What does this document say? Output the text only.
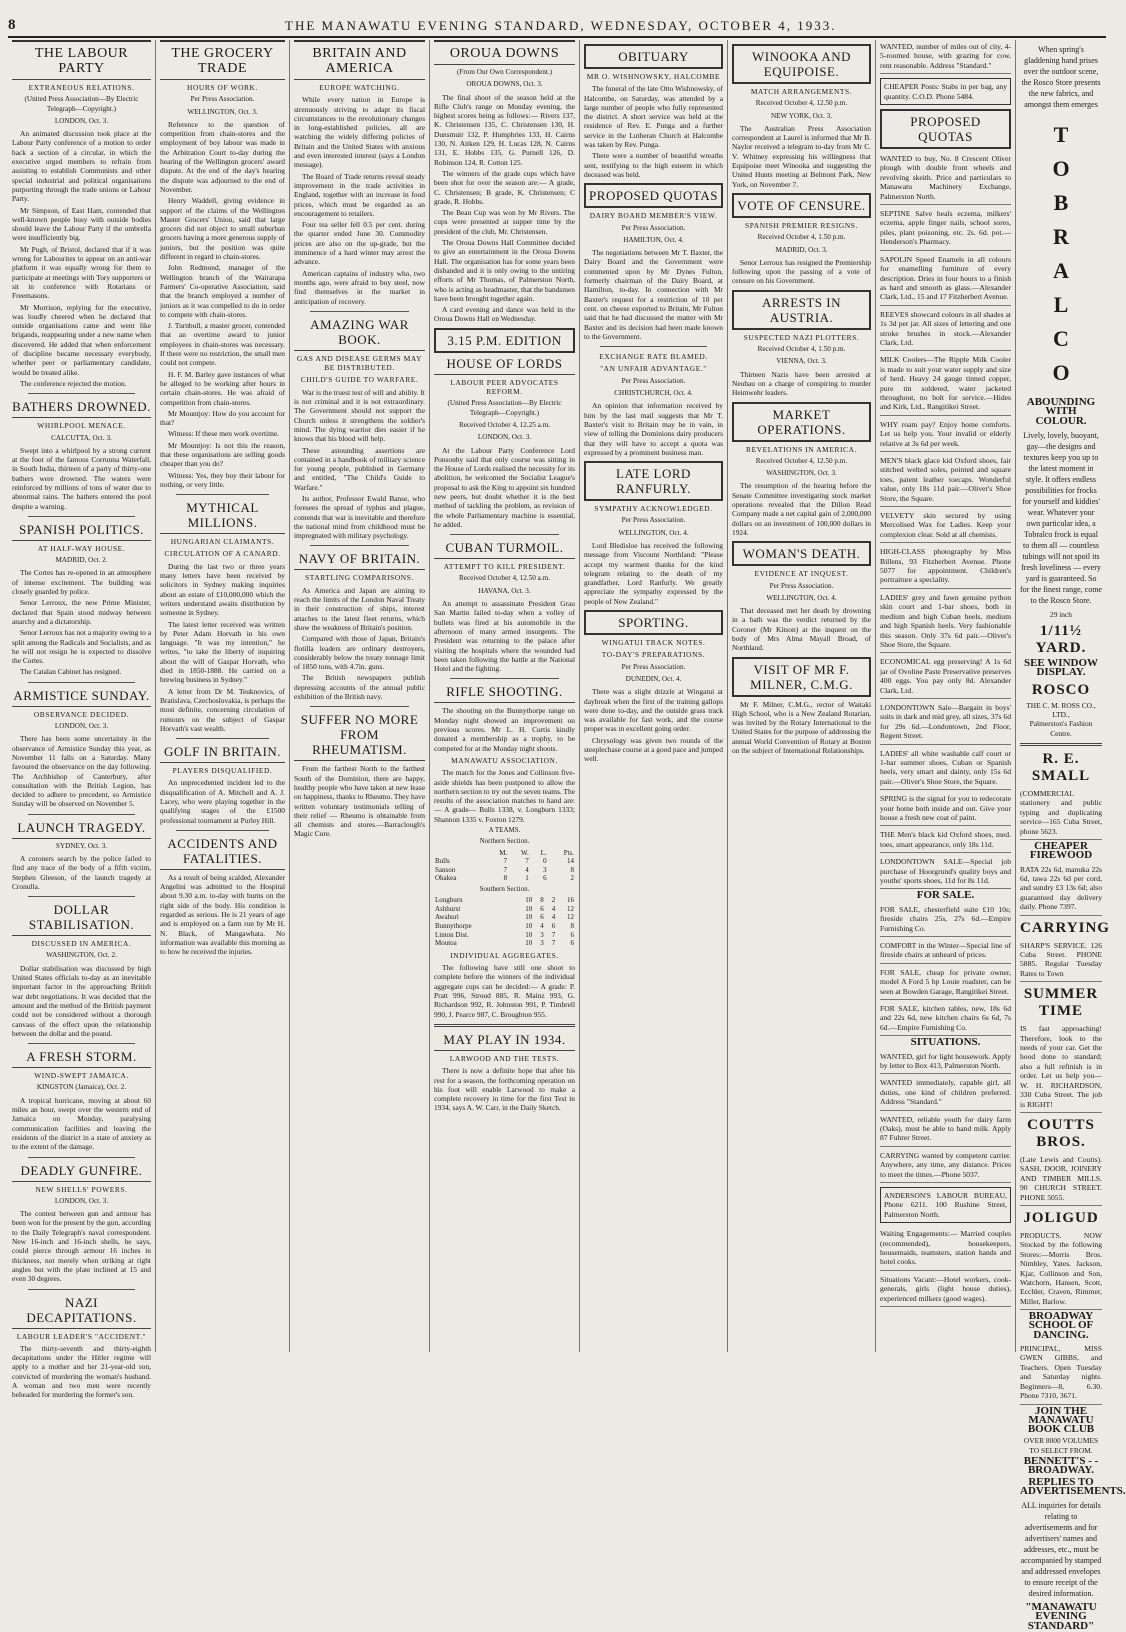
8	THE MANAWATU EVENING STANDARD, WEDNESDAY, OCTOBER 4, 1933.
THE LABOUR PARTY
EXTRANEOUS RELATIONS.
(United Press Association—By Electric Telegraph—Copyright.)
LONDON, Oct. 3.

An animated discussion took place at the Labour Party conference of a motion to order back a section of a circular, in which the executive urged members to refrain from assisting to establish Communists and other special industrial and political organisations purporting through the trade unions or Labour Party.

Mr Simpson, of East Ham, contended that well-known people busy with outside bodies should leave the Labour Party if the umbrella were insufficiently big.

Mr Pugh, of Bristol, declared that if it was wrong for Labourites to appear on an anti-war platform it was equally wrong for them to participate at meetings with Tory supporters or sit in conference with Rotarians or Freemasons.

Mr Morrison, replying for the executive, was loudly cheered when he declared that outside organisations came and went like brigands, reappearing under a new name when discovered. He added that when enforcement of discipline became necessary everybody, whether peer or parliamentary candidate, would be treated alike.

The conference rejected the motion.

BATHERS DROWNED.
WHIRLPOOL MENACE.
CALCUTTA, Oct. 3.

Swept into a whirlpool by a strong current at the foot of the famous Corrunna Waterfall, in South India, thirteen of a party of thirty-one bathers were drowned. The waters were reinforced by millions of tons of water due to abnormal rains. The bathers entered the pool despite a warning.

SPANISH POLITICS.
AT HALF-WAY HOUSE.
MADRID, Oct. 2.

The Cortes has re-opened in an atmosphere of intense excitement. The building was closely guarded by police.

Senor Lerroux, the new Prime Minister, declared that Spain stood midway between anarchy and a dictatorship.

Senor Lerroux has not a majority owing to a split among the Radicals and Socialists, and as he will not resign he is expected to dissolve the Cortes.

The Catalan Cabinet has resigned.

ARMISTICE SUNDAY.
OBSERVANCE DECIDED.
LONDON, Oct. 3.

There has been some uncertainty in the observance of Armistice Sunday this year, as November 11 falls on a Saturday. Many favoured the observance on the day following. The Archbishop of Canterbury, after consultation with the British Legion, has decided to adhere to precedent, so Armistice Sunday will be observed on November 5.

LAUNCH TRAGEDY.
SYDNEY, Oct. 3.

A coroners search by the police failed to find any trace of the body of a fifth victim, Stephen Gleeson, of the launch tragedy at Cronulla.

DOLLAR STABILISATION.
DISCUSSED IN AMERICA.
WASHINGTON, Oct. 2.

Dollar stabilisation was discussed by high United States officials to-day as an inevitable important factor in the approaching British war debt negotiations. It was decided that the amount and the method of the British payment could not be considered without a thorough canvass of the effect upon the relationship between the dollar and the pound.

A FRESH STORM.
WIND-SWEPT JAMAICA.
KINGSTON (Jamaica), Oct. 2.

A tropical hurricane, moving at about 60 miles an hour, swept over the western end of Jamaica on Monday, paralysing communication facilities and leaving the residents of the district in a state of anxiety as to the extent of the damage.

DEADLY GUNFIRE.
NEW SHELLS' POWERS.
LONDON, Oct. 3.

The contest between gun and armour has been won for the present by the gun, according to the Daily Telegraph's naval correspondent. New 16-inch and 16-inch shells, he says, could pierce through armour 16 inches in thickness, not merely when striking at right angles but with the plate inclined at 15 and even 30 degrees.

NAZI DECAPITATIONS.
LABOUR LEADER'S "ACCIDENT."

The thirty-seventh and thirty-eighth decapitations under the Hitler regime will apply to a mother and her 21-year-old son, convicted of murdering the woman's husband. A woman and two men were recently beheaded for murdering the former's son.

THE GROCERY TRADE
HOURS OF WORK.
Per Press Association.
WELLINGTON, Oct. 3.

Reference to the question of competition from chain-stores and the employment of boy labour was made in the Arbitration Court to-day during the hearing of the Wellington grocers' award dispute. At the end of the day's hearing the dispute was adjourned to the end of November.

Henry Waddell, giving evidence in support of the claims of the Wellington Master Grocers' Union, said that large grocers did not object to small suburban grocers having a more generous supply of juniors, but the position was quite different in regard to chain-stores.

John Redmond, manager of the Wellington branch of the Wairarapa Farmers' Co-operative Association, said that the branch employed a number of juniors as it was compelled to do in order to compete with chain-stores.

J. Turnbull, a master grocer, contended that an overtime award to junior employees in chain-stores was necessary. If there were no restriction, the small men could not compete.

H. F. M. Barley gave instances of what he alleged to be working after hours in certain chain-stores. He was afraid of competition from chain-stores.

Mr Mountjoy: How do you account for that?

Witness: If these men work overtime.

Mr Mountjoy: Is not this the reason, that these organisations are selling goods cheaper than you do?

Witness: Yes, they buy their labour for nothing, or very little.

MYTHICAL MILLIONS.
HUNGARIAN CLAIMANTS.
CIRCULATION OF A CANARD.

During the last two or three years many letters have been received by solicitors in Sydney making inquiries about an estate of £10,000,000 which the writers understand awaits distribution by someone in Sydney.

The latest letter received was written by Peter Adam Horvath in his own language. "It was my intention," he writes, "to take the liberty of inquiring about the will of Gaspar Horvath, who died in 1850-1888. He carried on a brewing business in Sydney."

A letter from Dr M. Teuknovics, of Bratislava, Czechoslovakia, is perhaps the most definite, concerning circulation of rumours on the subject of Gaspar Horvath's vast wealth.

GOLF IN BRITAIN.
PLAYERS DISQUALIFIED.

An unprecedented incident led to the disqualification of A. Mitchell and A. J. Lacey, who were playing together in the qualifying stages of the £1500 professional tournament at Purley Hill.

ACCIDENTS AND FATALITIES.

As a result of being scalded, Alexander Angelini was admitted to the Hospital about 9.30 a.m. to-day with burns on the right side of the body. His condition is regarded as serious. He is 21 years of age and is employed on a farm run by Mr H. N. Black, of Mangawhata. No information was available this morning as to how he received the injuries.

BRITAIN AND AMERICA
EUROPE WATCHING.

While every nation in Europe is strenuously striving to adapt its fiscal circumstances to the revolutionary changes in long-established policies, all are watching the widely differing policies of Britain and the United States with anxious and even interested interest (says a London message).

The Board of Trade returns reveal steady improvement in the trade activities in England, together with an increase in food prices, which must be regarded as an encouragement to retailers.

Four tea seller fell 0.5 per cent. during the quarter ended June 30. Commodity prices are also on the up-grade, but the imminence of a hard winter may arrest the advance.

American captains of industry who, two months ago, were afraid to buy steel, now find themselves in the market in anticipation of recovery.

AMAZING WAR BOOK.
GAS AND DISEASE GERMS MAY BE DISTRIBUTED.
CHILD'S GUIDE TO WARFARE.

War is the truest test of will and ability. It is not criminal and it is not extraordinary. The Government should not support the Church unless it strengthens the soldier's mind. The dying warrior dies easier if he knows that his blood will help.

These astounding assertions are contained in a handbook of military science for young people, published in Germany and entitled, "The Child's Guide to Warfare."

Its author, Professor Ewald Banse, who foresees the spread of typhus and plague, contends that war is inevitable and therefore the national mind from childhood must be impregnated with military psychology.

NAVY OF BRITAIN.
STARTLING COMPARISONS.

As America and Japan are aiming to reach the limits of the London Naval Treaty in their construction of ships, interest attaches to the latest fleet returns, which show the weakness of Britain's position.

Compared with those of Japan, Britain's flotilla leaders are ordinary destroyers, considerably below the treaty tonnage limit of 1850 tons, with 4.7in. guns.

The British newspapers publish depressing accounts of the annual public exhibition of the British navy.

SUFFER NO MORE FROM RHEUMATISM.

From the farthest North to the farthest South of the Dominion, there are happy, healthy people who have taken at new lease on happiness, thanks to Rheumo. They have written voluntary testimonials telling of their relief — Rheumo is obtainable from all chemists and stores.—Barraclough's Magic Cure.

OROUA DOWNS
(From Our Own Correspondent.)
OROUA DOWNS, Oct. 3.

The final shoot of the season held at the Rifle Club's range on Monday evening, the highest scores being as follows:— Rivers 137, K. Christensen 135, C. Christensen 130, H. Dunsmuir 132, P. Humphries 133, H. Cairns 130, N. Aitken 129, H. Lucas 128, N. Cairns 131, E. Hobbs 135, G. Purnell 126, D. Robinson 124, R. Cotton 125.

The winners of the grade cups which have been shot for over the season are:— A grade, C. Christensen; B grade, K. Christensen; C grade, R. Hobbs.

The Bean Cup was won by Mr Rivers. The cups were presented at supper time by the president of the club, Mr. Christensen.

The Oroua Downs Hall Committee decided to give an entertainment in the Oroua Downs Hall. The organisation has for some years been disbanded and it is only owing to the untiring efforts of Mr Thomas, of Palmerston North, who is acting as headmaster, that the bandsmen have been brought together again.

A card evening and dance was held in the Oroua Downs Hall on Wednesday.

3.15 P.M. EDITION
HOUSE OF LORDS
LABOUR PEER ADVOCATES REFORM.
(United Press Association—By Electric Telegraph—Copyright.)
Received October 4, 12.25 a.m.
LONDON, Oct. 3.

At the Labour Party Conference Lord Ponsonby said that only course was sitting in the House of Lords realised the necessity for its abolition, he welcomed the Socialist League's proposal to ask the King to appoint six hundred new peers, but doubt whether it is the best method of tackling the problem, as revision of the whole Parliamentary machine is essential, he added.

CUBAN TURMOIL.
ATTEMPT TO KILL PRESIDENT.
Received October 4, 12.50 a.m.
HAVANA, Oct. 3.

An attempt to assassinate President Grau San Martin failed to-day when a volley of bullets was fired at his automobile in the afternoon of many armed insurgents. The President was returning to the palace after visiting the hospitals where the wounded had been taken following the battle at the National Hotel and the fighting.

RIFLE SHOOTING.

The shooting on the Bunnythorpe range on Monday night showed an improvement on previous scores. Mr L. H. Curtis kindly donated a membership as a trophy, to be competed for at the Monday night shoots.

MANAWATU ASSOCIATION.

The match for the Jones and Collinson five-aside shields has been postponed to allow the northern section to try out the seven teams. The results of the association matches to hand are:— A grade— Bulls 1338, v. Longburn 1333; Shannon 1335 v. Foxton 1279.

A TEAMS.
Northern Section.
	M.	W.	L.	Pts.
Bulls	7	7	0	14
Sanson	7	4	3	8
Ohakea	8	1	6	2
Southern Section.
Longburn	10	8	2	16
Ashhurst	10	6	4	12
Awahuri	10	6	4	12
Bunnythorpe	10	4	6	8
Linton Dist.	10	3	7	6
Moutoa	10	3	7	6
INDIVIDUAL AGGREGATES.

The following have still one shoot to complete before the winners of the individual aggregate cups can be decided:— A grade: P. Pratt 996, Stroud 885, R. Mainz 993, G. Richardson 992, R. Johnston 991, P. Timbrell 990, J. Pearce 987, C. Broughton 955.

MAY PLAY IN 1934.
LARWOOD AND THE TESTS.

There is now a definite hope that after his rest for a season, the forthcoming operation on his foot will enable Larwood to make a complete recovery in time for the first Test in 1934, says A. W. Carr, in the Daily Sketch.

OBITUARY
MR O. WISHNOWSKY, HALCOMBE

The funeral of the late Otto Wishnowsky, of Halcombe, on Saturday, was attended by a large number of people who fully represented the district. A short service was held at the residence of Rev. E. Punga and a further service in the Lutheran Church at Halcombe was taken by Rev. Punga.

There were a number of beautiful wreaths sent, testifying to the high esteem in which deceased was held.

PROPOSED QUOTAS
DAIRY BOARD MEMBER'S VIEW.
Per Press Association.
HAMILTON, Oct. 4.

The negotiations between Mr T. Baxter, the Dairy Board and the Government were commented upon by Mr Dynes Fulton, formerly chairman of the Dairy Board, at Hamilton, to-day. In connection with Mr Baxter's request for a restriction of 10 per cent. on cheese exported to Britain, Mr Fulton said that he had discussed the matter with Mr Baxter and its decision had been made known to the Government.

EXCHANGE RATE BLAMED.
"AN UNFAIR ADVANTAGE."
Per Press Association.
CHRISTCHURCH, Oct. 4.

An opinion that information received by him by the last mail suggests that Mr T. Baxter's visit to Britain may be in vain, in view of telling the Dominions dairy producers that they will have to accept a quota was expressed by a prominent business man.

LATE LORD RANFURLY.
SYMPATHY ACKNOWLEDGED.
Per Press Association.
WELLINGTON, Oct. 4.

Lord Bledisloe has received the following message from Viscount Northland: "Please accept my warmest thanks for the kind telegram relating to the death of my grandfather, Lord Ranfurly. We greatly appreciate the sympathy expressed by the people of New Zealand."

SPORTING.
WINGATUI TRACK NOTES.
TO-DAY'S PREPARATIONS.
Per Press Association.
DUNEDIN, Oct. 4.

There was a slight drizzle at Wingatui at daybreak when the first of the training gallops were done to-day, and the outside grass track was available for fast work, and the course proper was in excellent going order.

Chrysology was given two rounds of the steeplechase course at a good pace and jumped well.

WINOOKA AND EQUIPOISE.
MATCH ARRANGEMENTS.
Received October 4, 12.50 p.m.
NEW YORK, Oct. 3.

The Australian Press Association correspondent at Laurel is informed that Mr B. Naylor received a telegram to-day from Mr C. V. Whitney expressing his willingness that Equipoise meet Winooka and suggesting the United Hunts meeting at Belmont Park, New York, on November 7.

VOTE OF CENSURE.
SPANISH PREMIER RESIGNS.
Received October 4, 1.50 p.m.
MADRID, Oct. 3.

Senor Lerroux has resigned the Premiership following upon the passing of a vote of censure on his Government.

ARRESTS IN AUSTRIA.
SUSPECTED NAZI PLOTTERS.
Received October 4, 1.50 p.m.
VIENNA, Oct. 3.

Thirteen Nazis have been arrested at Neubau on a charge of conspiring to murder Heimwehr leaders.

MARKET OPERATIONS.
REVELATIONS IN AMERICA.
Received October 4, 12.50 p.m.
WASHINGTON, Oct. 3.

The resumption of the hearing before the Senate Committee investigating stock market operations revealed that the Dillon Read Company made a net capital gain of 2,000,000 dollars on an investment of 100,000 dollars in 1924.

WOMAN'S DEATH.
EVIDENCE AT INQUEST.
Per Press Association.
WELLINGTON, Oct. 4.

That deceased met her death by drowning in a bath was the verdict returned by the Coroner (Mr Kitson) at the inquest on the body of Mrs Alma Mayall Broad, of Northland.

VISIT OF MR F. MILNER, C.M.G.

Mr F. Milner, C.M.G., rector of Waitaki High School, who is a New Zealand Rotarian, was invited by the Rotary International to the United States for the purpose of addressing the annual World Convention of Rotary at Boston on the subject of International Relationships.

WANTED, number of miles out of city, 4-5-roomed house, with grazing for cow, rent reasonable. Address "Standard."
CHEAPER Posts: Stabs in per bag, any quantity. C.O.D. Phone 5484.
PROPOSED QUOTAS
WANTED to buy, No. 8 Crescent Oliver plough with double front wheels and revolving skeith. Price and particulars to Manawatu Machinery Exchange, Palmerston North.
SEPTINE Salve heals eczema, milkers' eczema, apple finger nails, school sores, piles, plant poisoning, etc. 2s. 6d. pot.—Henderson's Pharmacy.
SAPOLIN Speed Enamels in all colours for enamelling furniture of every description. Dries in four hours to a finish as hard and smooth as glass.—Alexander Clark, Ltd., 15 and 17 Fitzherbert Avenue.
REEVES showcard colours in all shades at 1s 3d per jar. All sizes of lettering and one stroke brushes in stock.—Alexander Clark, Ltd.
MILK Coolers—The Ripple Milk Cooler is made to suit your water supply and size of herd. Heavy 24 gauge tinned copper, pure tin soldered, water jacketed throughout, no bolt for service.—Hides and Kirk, Ltd., Rangitikei Street.
WHY roam pay? Enjoy home comforts. Let us help you. Your invalid or elderly relative at 3s 6d per week.
MEN'S black glace kid Oxford shoes, fair stitched welted soles, pointed and square toes, patent leather toecaps. Wonderful value, only 18s 11d pair.—Oliver's Shoe Store, the Square.
VELVETY skin secured by using Mercolised Wax for Ladies. Keep your complexion clear. Sold at all chemists.
HIGH-CLASS photography by Miss Billens, 93 Fitzherbert Avenue. Phone 5077 for appointment. Children's portraiture a speciality.
LADIES' grey and fawn genuine python skin court and 1-bar shoes, both in medium and high Cuban heels, medium and high Spanish heels. Very fashionable this season. Only 37s 6d pair.—Oliver's Shoe Store, the Square.
ECONOMICAL egg preserving! A 1s 6d jar of Ovoline Paste Preservative preserves 400 eggs. You pay only 8d. Alexander Clark, Ltd.
LONDONTOWN Sale—Bargain in boys' suits in dark and mid grey, all sizes, 37s 6d for 29s 6d.—Londontown, 2nd Floor, Regent Street.
LADIES' all white washable calf court or 1-bar summer shoes, Cuban or Spanish heels, very smart and dainty, only 15s 6d pair.—Oliver's Shoe Store, the Square.
SPRING is the signal for you to redecorate your home both inside and out. Give your house a fresh new coat of paint.
THE Men's black kid Oxford shoes, med. toes, smart appearance, only 18s 11d.
LONDONTOWN SALE—Special job purchase of Hoorgrund's quality boys and youths' sports shoes, 11d for 8s 11d.
FOR SALE.
FOR SALE, chesterfield suite £10 10s; fireside chairs 25s, 27s 6d.—Empire Furnishing Co.
COMFORT in the Winter—Special line of fireside chairs at unheard of prices.
FOR SALE, cheap for private owner, model A Ford 5 hp Louie roadster, can be seen at Bowden Garage, Rangitikei Street.
FOR SALE, kitchen tables, new, 18s 6d and 22s 6d, new kitchen chairs 6s 6d, 7s 6d.—Empire Furnishing Co.
SITUATIONS.
WANTED, girl for light housework. Apply by letter to Box 413, Palmerston North.
WANTED immediately, capable girl, all duties, one kind of children preferred. Address "Standard."
WANTED, reliable youth for dairy farm (Oaks), must be able to hand milk. Apply 87 Fuhrer Street.
CARRYING wanted by competent carrier. Anywhere, any time, any distance. Prices to meet the times.—Phone 5037.
ANDERSON'S LABOUR BUREAU, Phone 6211. 100 Rushine Street, Palmerston North.
Waiting Engagements:— Married couples (recommended), housekeepers, housemaids, teamsters, station hands and hotel cooks.
Situations Vacant:—Hotel workers, cook-generals, girls (light house duties), experienced milkers (good wages).
When spring's gladdening hand prises over the outdoor scene, the Rosco Store presents the new fabrics, and amongst them emerges
T
O
B
R
A
L
C
O
ABOUNDING WITH COLOUR.
Lively, lovely, buoyant, gay—the designs and textures keep you up to the latest moment in style. It offers endless possibilities for frocks for yourself and kiddies' wear. Whatever your own particular idea, a Tobralco frock is equal to them all — countless tubings will not spoil its fresh loveliness — every yard is guaranteed. So for the finest range, come to the Rosco Store.
29 inch
1/11½ YARD.
SEE WINDOW DISPLAY.
ROSCO
THE C. M. ROSS CO., LTD.,
Palmerston's Fashion Centre.
R. E. SMALL
(COMMERCIAL stationery and public typing and duplicating service—165 Cuba Street, phone 5623.
CHEAPER FIREWOOD
RATA 22s 6d, manuka 22s 6d, tawa 22s 6d per cord, and sundry £3 13s 6d; also guaranteed day delivery daily. Phone 7397.
CARRYING
SHARP'S SERVICE. 126 Cuba Street. PHONE 5885. Regular Tuesday Rates to Town
SUMMER TIME
IS fast approaching! Therefore, look to the needs of your car. Get the hood done to standard; also a full refinish is in order. Let us help you—W. H. RICHARDSON, 330 Cuba Street. The job is RIGHT!
COUTTS BROS.
(Late Lewis and Coutts). SASH, DOOR, JOINERY AND TIMBER MILLS. 90 CHURCH STREET. PHONE 5055.
JOLIGUD
PRODUCTS. NOW Stocked by the following Stores:—Morris Bros. Nimbley, Yates. Jackson, Kjar, Collinson and Son, Watchorn, Hansen, Scott, Ecchler, Craven, Rimmer, Miller, Barlow.
BROADWAY SCHOOL OF DANCING.
PRINCIPAL, MISS GWEN GIBBS, and Teachers. Open Tuesday and Saturday nights. Beginners—8, 6.30. Phone 7310, 3671.
JOIN THE MANAWATU BOOK CLUB
OVER 8000 VOLUMES TO SELECT FROM.
BENNETT'S - - BROADWAY.
REPLIES TO ADVERTISEMENTS.
ALL inquiries for details relating to advertisements and for advertisers' names and addresses, etc., must be accompanied by stamped and addressed envelopes to ensure receipt of the desired information.
"MANAWATU EVENING STANDARD"
